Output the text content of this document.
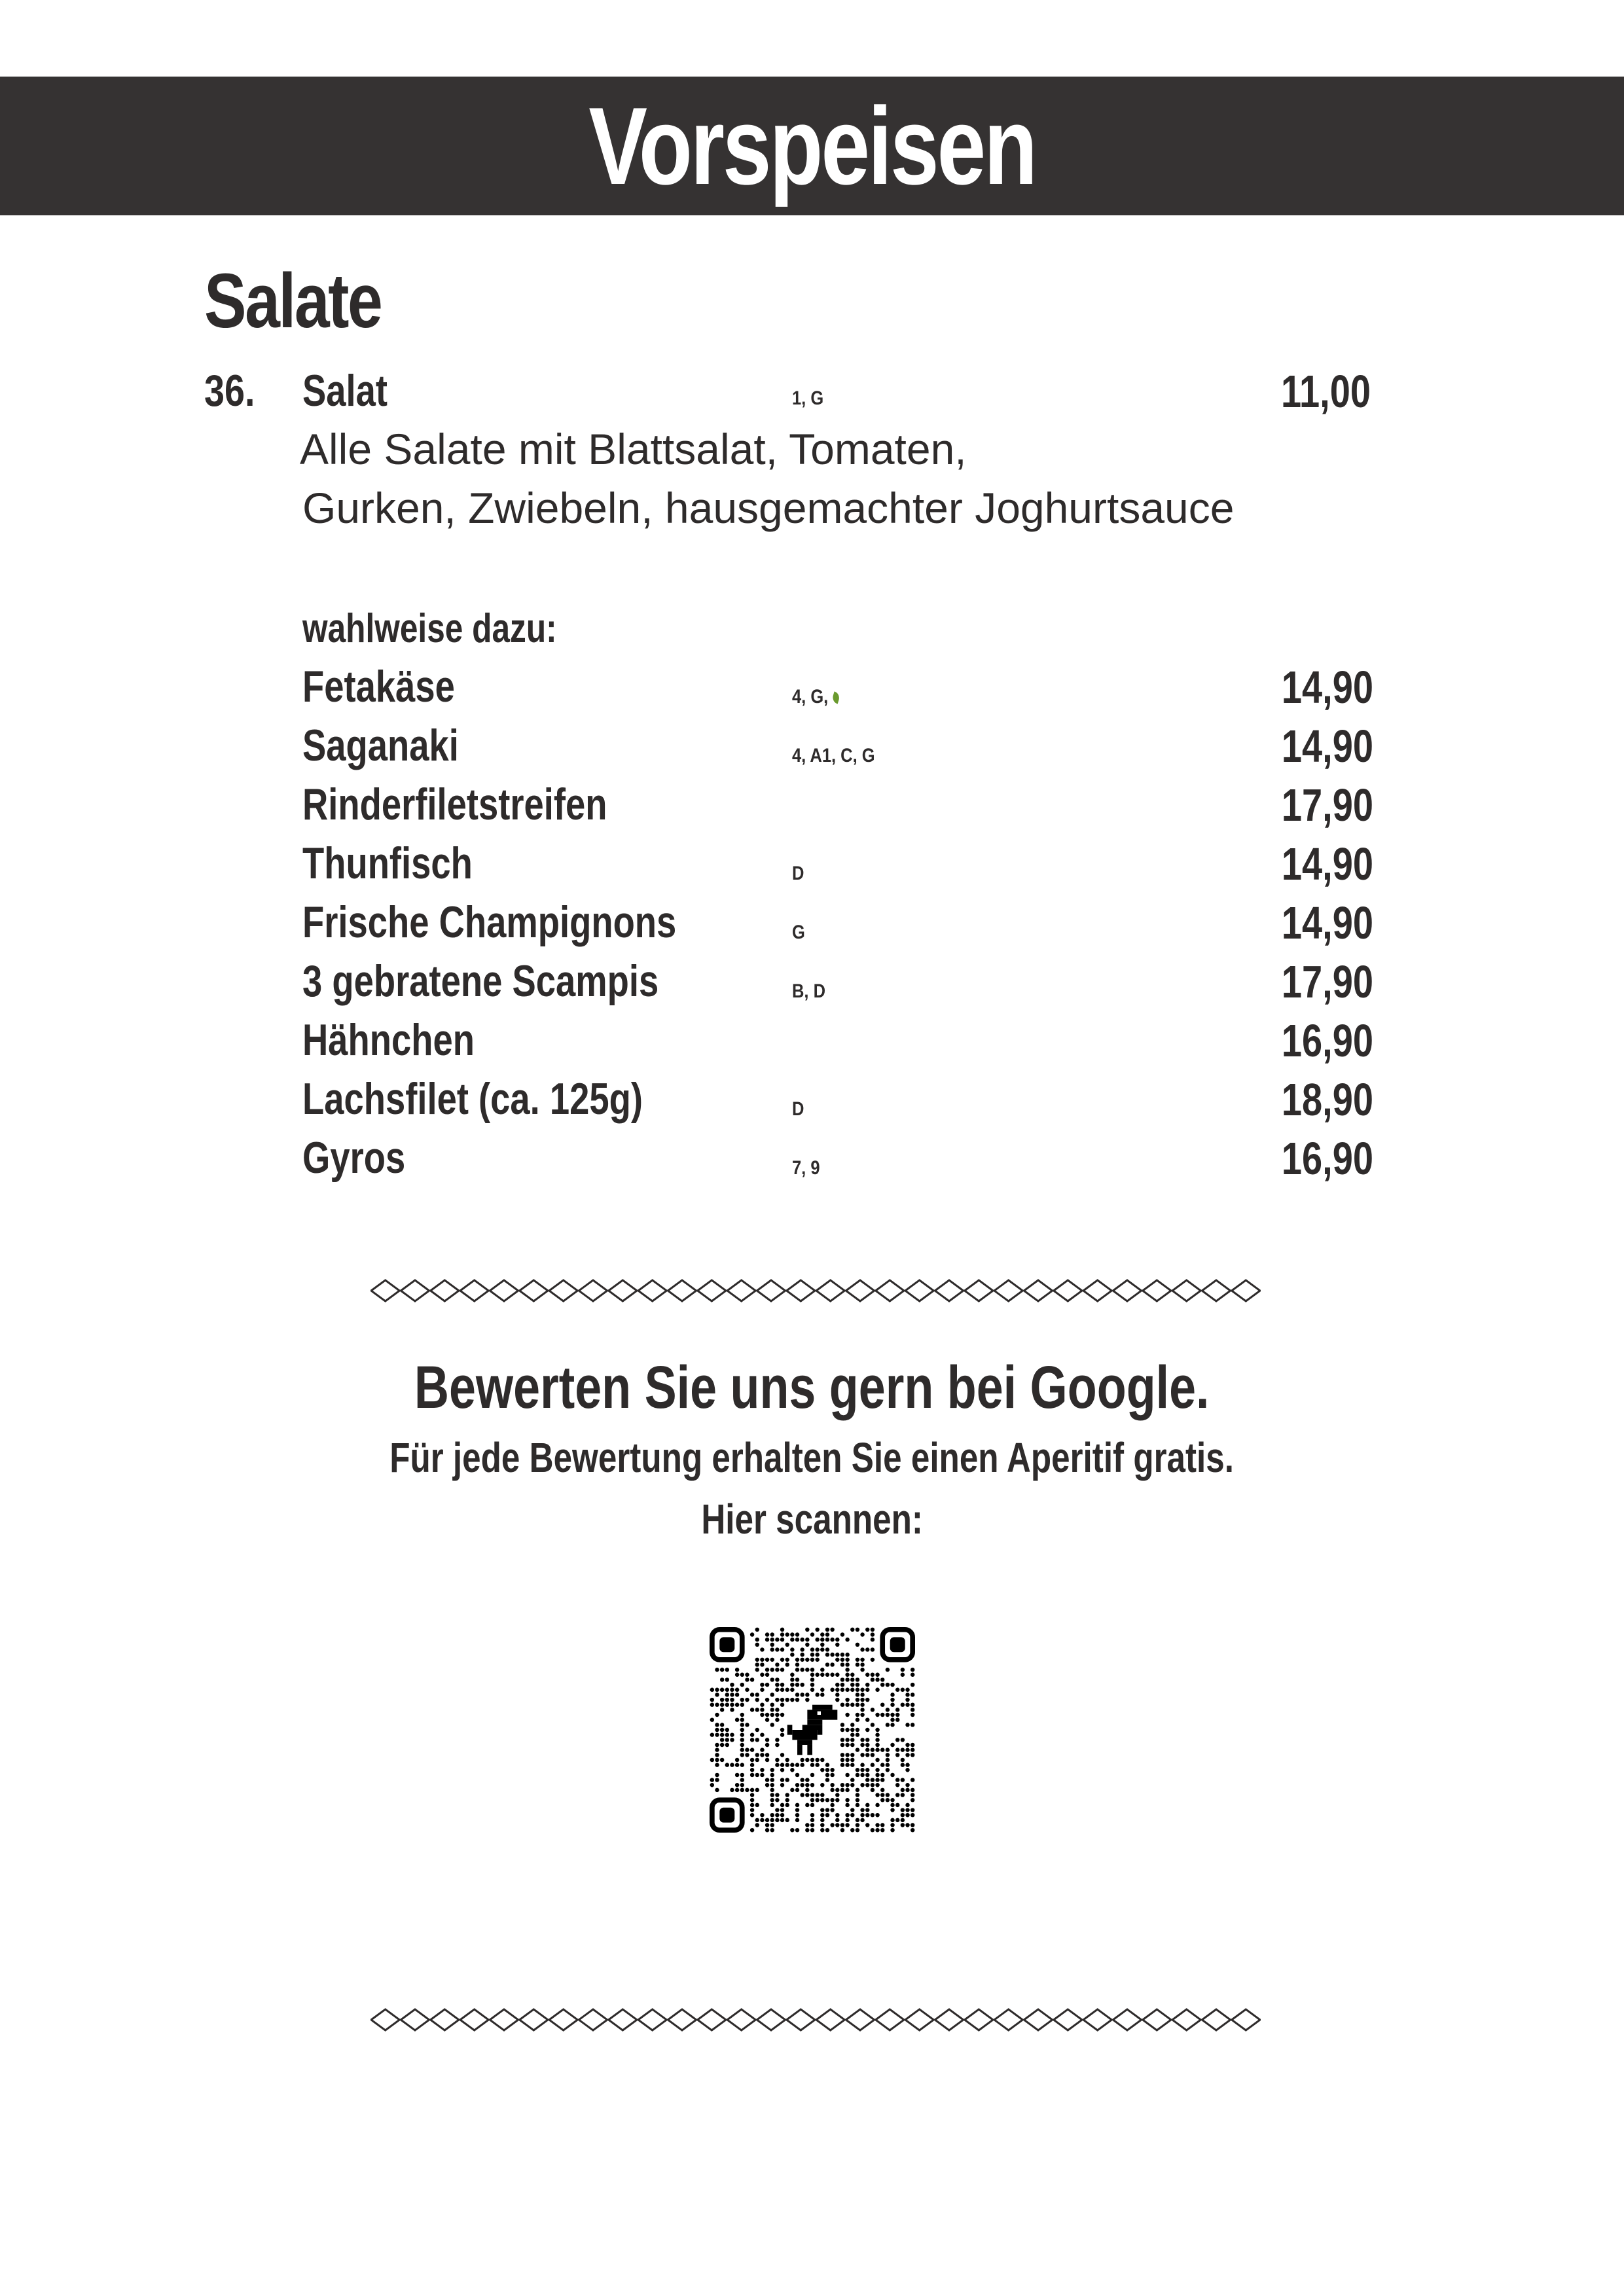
Vorspeisen
Salate
36. Salat	1, G	11,00
Alle Salate mit Blattsalat, Tomaten,
Gurken, Zwiebeln, hausgemachter Joghurtsauce
wahlweise dazu:
Fetakäse	4, G,	14,90
Saganaki	4, A1, C, G	14,90
Rinderfiletstreifen	17,90
Thunfisch	D	14,90
Frische Champignons	G	14,90
3 gebratene Scampis	B, D	17,90
Hähnchen	16,90
Lachsfilet (ca. 125g)	D	18,90
Gyros	7, 9	16,90
Bewerten Sie uns gern bei Google.
Für jede Bewertung erhalten Sie einen Aperitif gratis.
Hier scannen:
